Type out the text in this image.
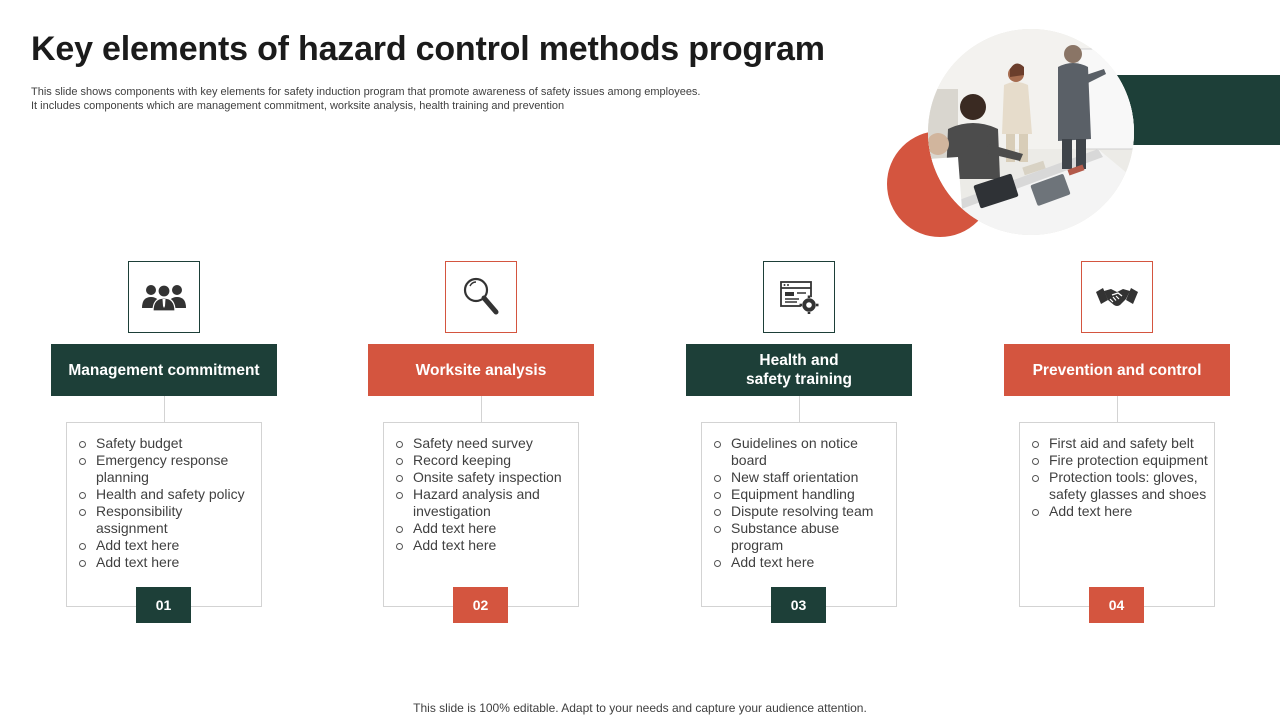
Key elements of hazard control methods program
This slide shows components with key elements for safety induction program that promote awareness of safety issues among employees.
It includes components which are management commitment, worksite analysis, health training and prevention
Management commitment
Safety budget
Emergency response planning
Health and safety policy
Responsibility assignment
Add text here
Add text here
01
Worksite analysis
Safety need survey
Record keeping
Onsite safety inspection
Hazard analysis and investigation
Add text here
Add text here
02
Health and
safety training
Guidelines on notice board
New staff orientation
Equipment handling
Dispute resolving team
Substance abuse program
Add text here
03
Prevention and control
First aid and safety belt
Fire protection equipment
Protection tools: gloves, safety glasses and shoes
Add text here
04
This slide is 100% editable. Adapt to your needs and capture your audience attention.
